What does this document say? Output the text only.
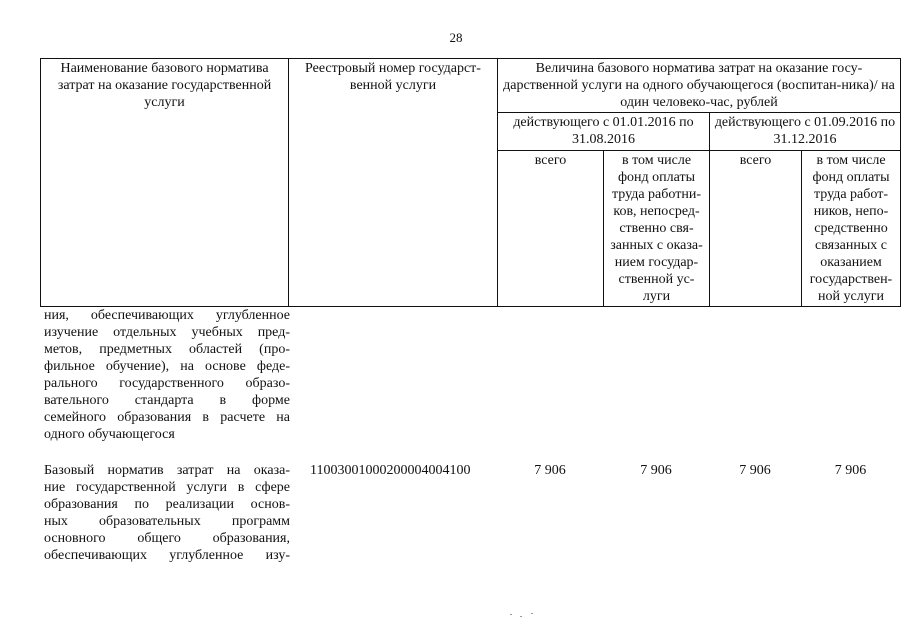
28
Наименование базового норматива затрат на оказание государственной услуги	Реестровый номер государст-венной услуги	Величина базового норматива затрат на оказание госу-дарственной услуги на одного обучающегося (воспитан-ника)/ на один человеко-час, рублей			
		действующего с 01.01.2016 по 31.08.2016		действующего с 01.09.2016 по 31.12.2016	
		всего	в том числе фонд оплаты труда работни-ков, непосред-ственно свя-занных с оказа-нием государ-ственной ус-луги	всего	в том числе фонд оплаты труда работ-ников, непо-средственно связанных с оказанием государствен-ной услуги
ния, обеспечивающих углубленное
изучение отдельных учебных пред-
метов, предметных областей (про-
фильное обучение), на основе феде-
рального государственного образо-
вательного стандарта в форме
семейного образования в расчете на
одного обучающегося
Базовый норматив затрат на оказа-
ние государственной услуги в сфере
образования по реализации основ-
ных образовательных программ
основного общего образования,
обеспечивающих углубленное изу-
11003001000200004004100	7 906	7 906	7 906	7 906
